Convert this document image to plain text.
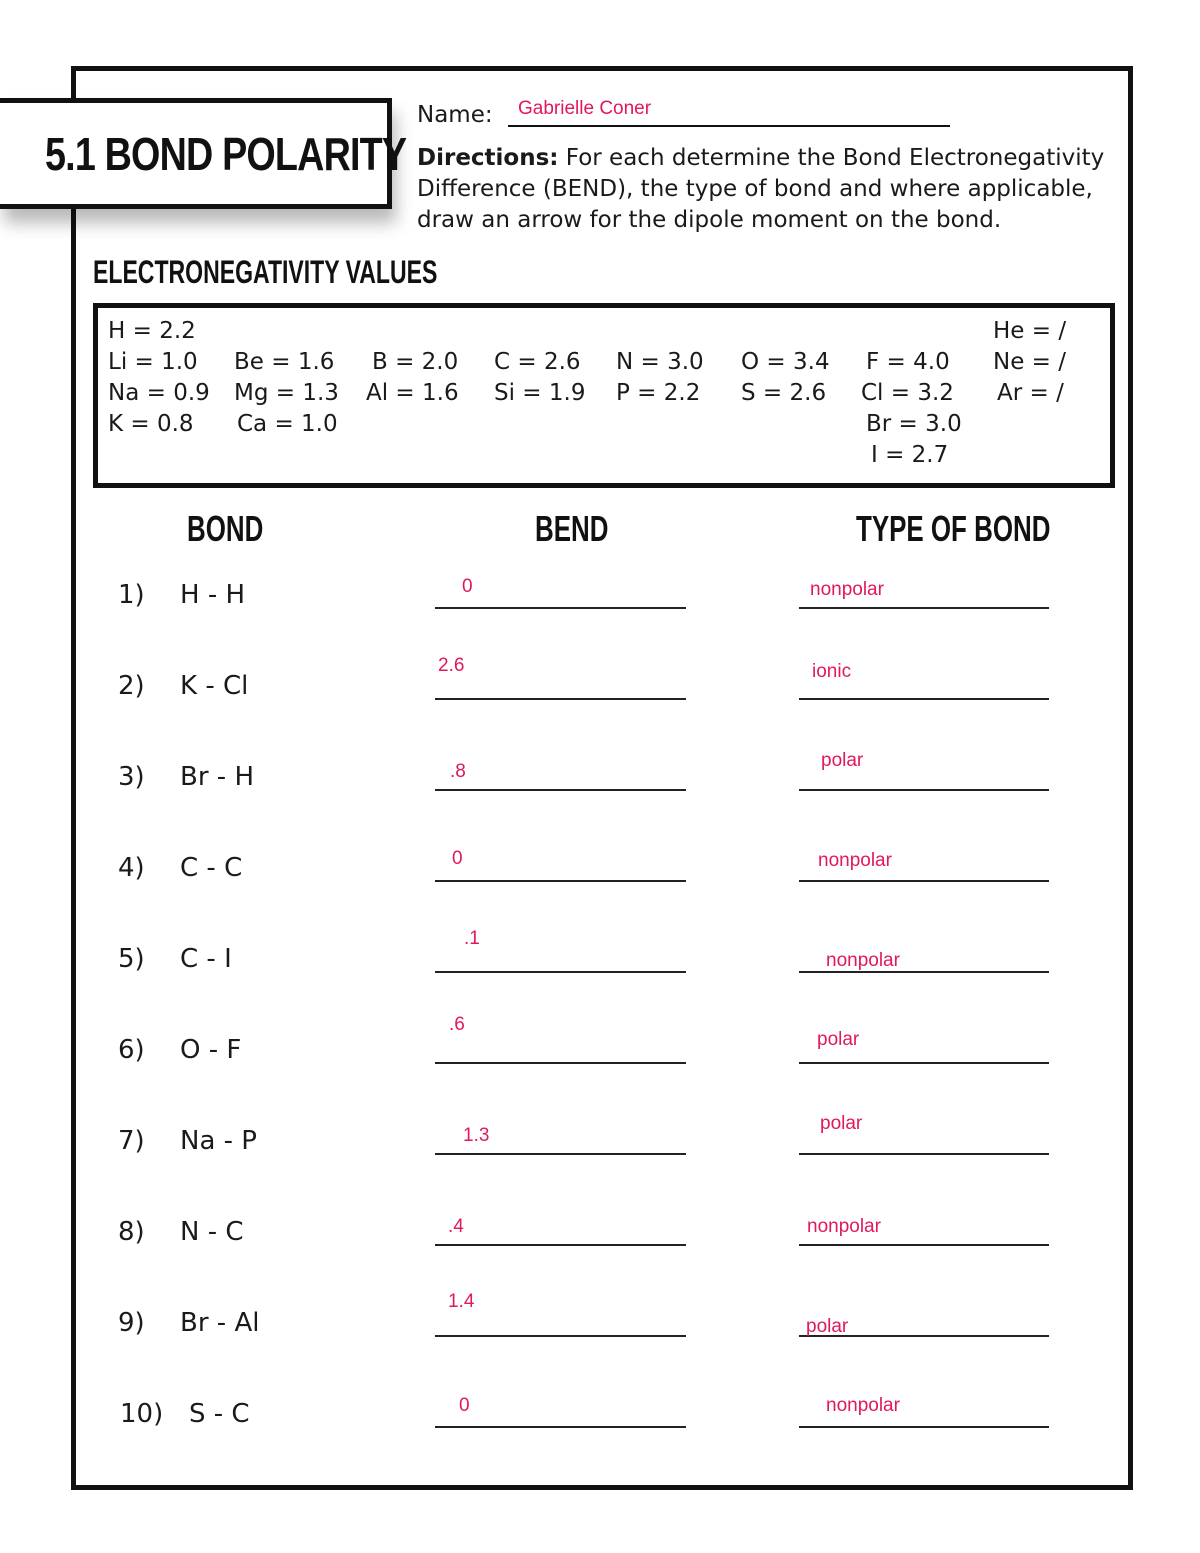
5.1 BOND POLARITY
Name: Gabrielle Coner
Directions: For each determine the Bond Electronegativity Difference (BEND), the type of bond and where applicable, draw an arrow for the dipole moment on the bond.
ELECTRONEGATIVITY VALUES
H = 2.2	He = /
Li = 1.0 Be = 1.6 B = 2.0 C = 2.6 N = 3.0 O = 3.4 F = 4.0 Ne = /
Na = 0.9 Mg = 1.3 Al = 1.6 Si = 1.9 P = 2.2 S = 2.6 Cl = 3.2 Ar = /
K = 0.8 Ca = 1.0	Br = 3.0
I = 2.7
BOND	BEND	TYPE OF BOND
1) H - H	0	nonpolar
2) K - Cl
2.6	ionic
3) Br - H	.8
polar
4) C - C	0	nonpolar
5) C - I
.1
nonpolar
6) O - F
.6
polar
7) Na - P	1.3
polar
8) N - C	.4	nonpolar
9) Br - Al
1.4
polar
10) S - C	0	nonpolar
